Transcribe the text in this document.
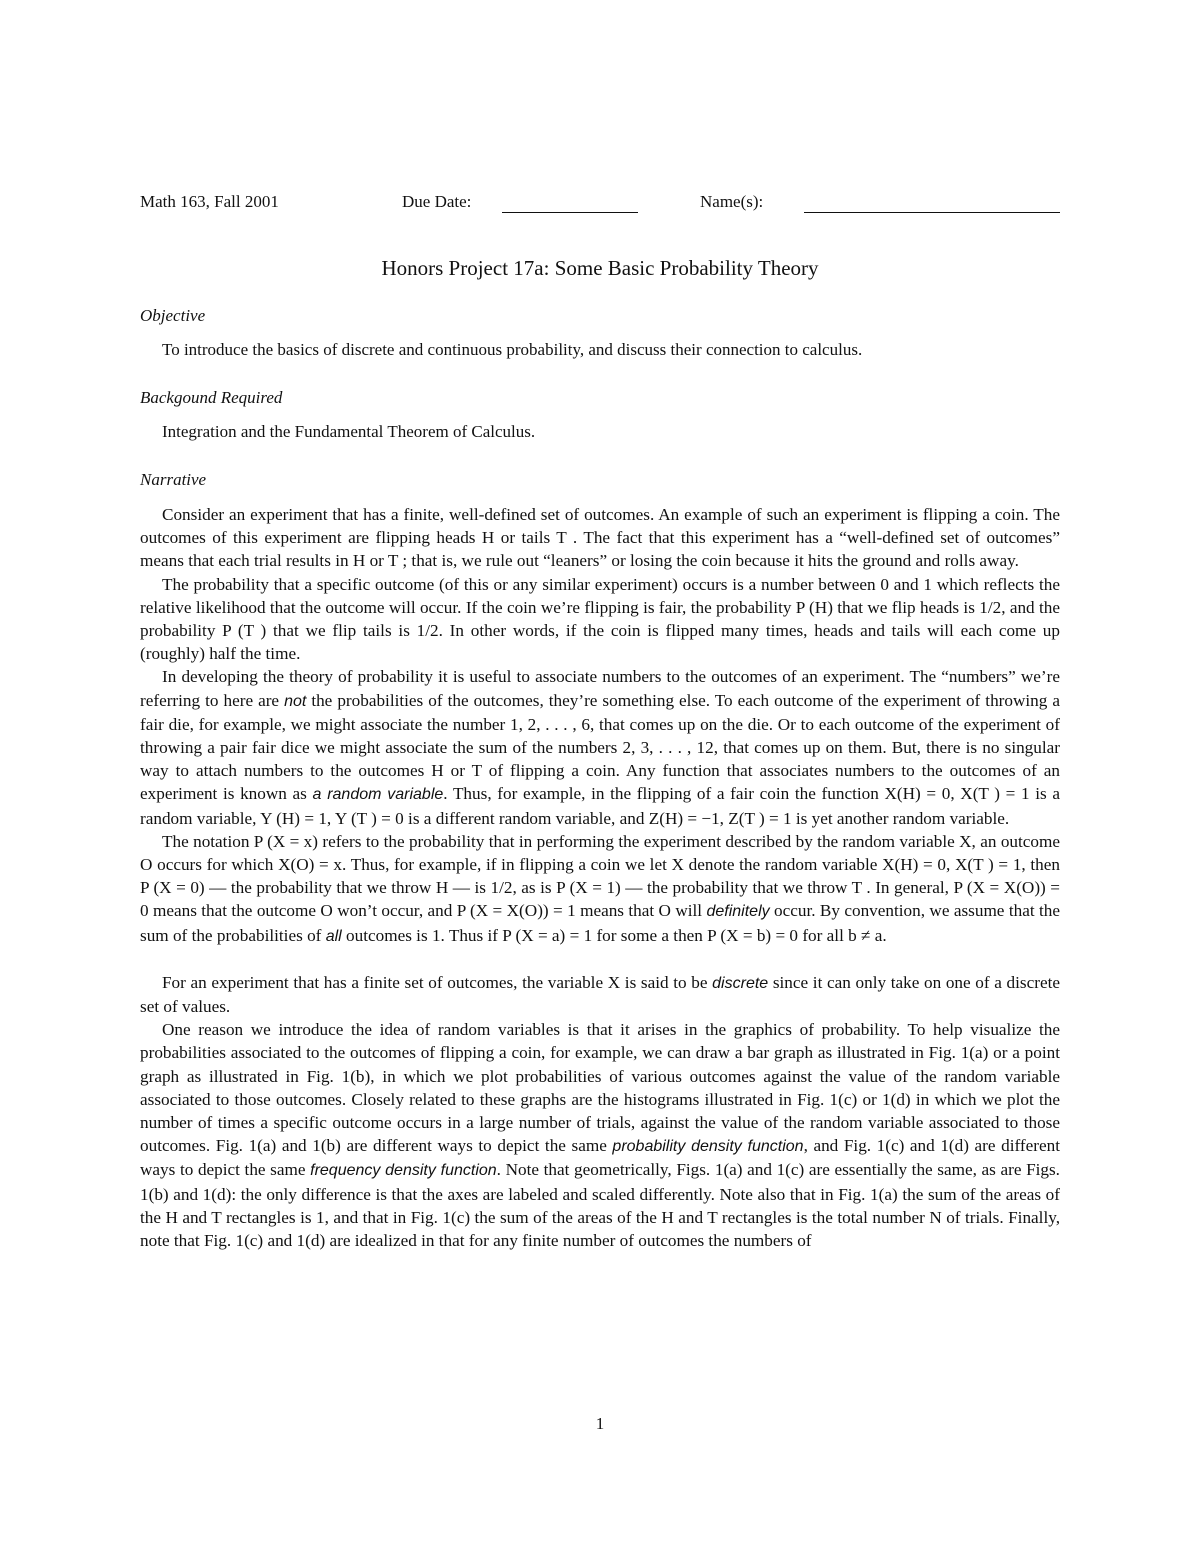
Math 163, Fall 2001	Due Date:	Name(s):
Honors Project 17a: Some Basic Probability Theory
Objective
To introduce the basics of discrete and continuous probability, and discuss their connection to calculus.
Backgound Required
Integration and the Fundamental Theorem of Calculus.
Narrative

Consider an experiment that has a finite, well-defined set of outcomes. An example of such an experiment is flipping a coin. The outcomes of this experiment are flipping heads H or tails T . The fact that this experiment has a “well-defined set of outcomes” means that each trial results in H or T ; that is, we rule out “leaners” or losing the coin because it hits the ground and rolls away.

The probability that a specific outcome (of this or any similar experiment) occurs is a number between 0 and 1 which reflects the relative likelihood that the outcome will occur. If the coin we’re flipping is fair, the probability P (H) that we flip heads is 1/2, and the probability P (T ) that we flip tails is 1/2. In other words, if the coin is flipped many times, heads and tails will each come up (roughly) half the time.

In developing the theory of probability it is useful to associate numbers to the outcomes of an experiment. The “numbers” we’re referring to here are not the probabilities of the outcomes, they’re something else. To each outcome of the experiment of throwing a fair die, for example, we might associate the number 1, 2, . . . , 6, that comes up on the die. Or to each outcome of the experiment of throwing a pair fair dice we might associate the sum of the numbers 2, 3, . . . , 12, that comes up on them. But, there is no singular way to attach numbers to the outcomes H or T of flipping a coin. Any function that associates numbers to the outcomes of an experiment is known as a random variable. Thus, for example, in the flipping of a fair coin the function X(H) = 0, X(T ) = 1 is a random variable, Y (H) = 1, Y (T ) = 0 is a different random variable, and Z(H) = −1, Z(T ) = 1 is yet another random variable.

The notation P (X = x) refers to the probability that in performing the experiment described by the random variable X, an outcome O occurs for which X(O) = x. Thus, for example, if in flipping a coin we let X denote the random variable X(H) = 0, X(T ) = 1, then P (X = 0) — the probability that we throw H — is 1/2, as is P (X = 1) — the probability that we throw T . In general, P (X = X(O)) = 0 means that the outcome O won’t occur, and P (X = X(O)) = 1 means that O will definitely occur. By convention, we assume that the sum of the probabilities of all outcomes is 1. Thus if P (X = a) = 1 for some a then P (X = b) = 0 for all b ≠ a.

For an experiment that has a finite set of outcomes, the variable X is said to be discrete since it can only take on one of a discrete set of values.

One reason we introduce the idea of random variables is that it arises in the graphics of probability. To help visualize the probabilities associated to the outcomes of flipping a coin, for example, we can draw a bar graph as illustrated in Fig. 1(a) or a point graph as illustrated in Fig. 1(b), in which we plot probabilities of various outcomes against the value of the random variable associated to those outcomes. Closely related to these graphs are the histograms illustrated in Fig. 1(c) or 1(d) in which we plot the number of times a specific outcome occurs in a large number of trials, against the value of the random variable associated to those outcomes. Fig. 1(a) and 1(b) are different ways to depict the same probability density function, and Fig. 1(c) and 1(d) are different ways to depict the same frequency density function. Note that geometrically, Figs. 1(a) and 1(c) are essentially the same, as are Figs. 1(b) and 1(d): the only difference is that the axes are labeled and scaled differently. Note also that in Fig. 1(a) the sum of the areas of the H and T rectangles is 1, and that in Fig. 1(c) the sum of the areas of the H and T rectangles is the total number N of trials. Finally, note that Fig. 1(c) and 1(d) are idealized in that for any finite number of outcomes the numbers of

1
